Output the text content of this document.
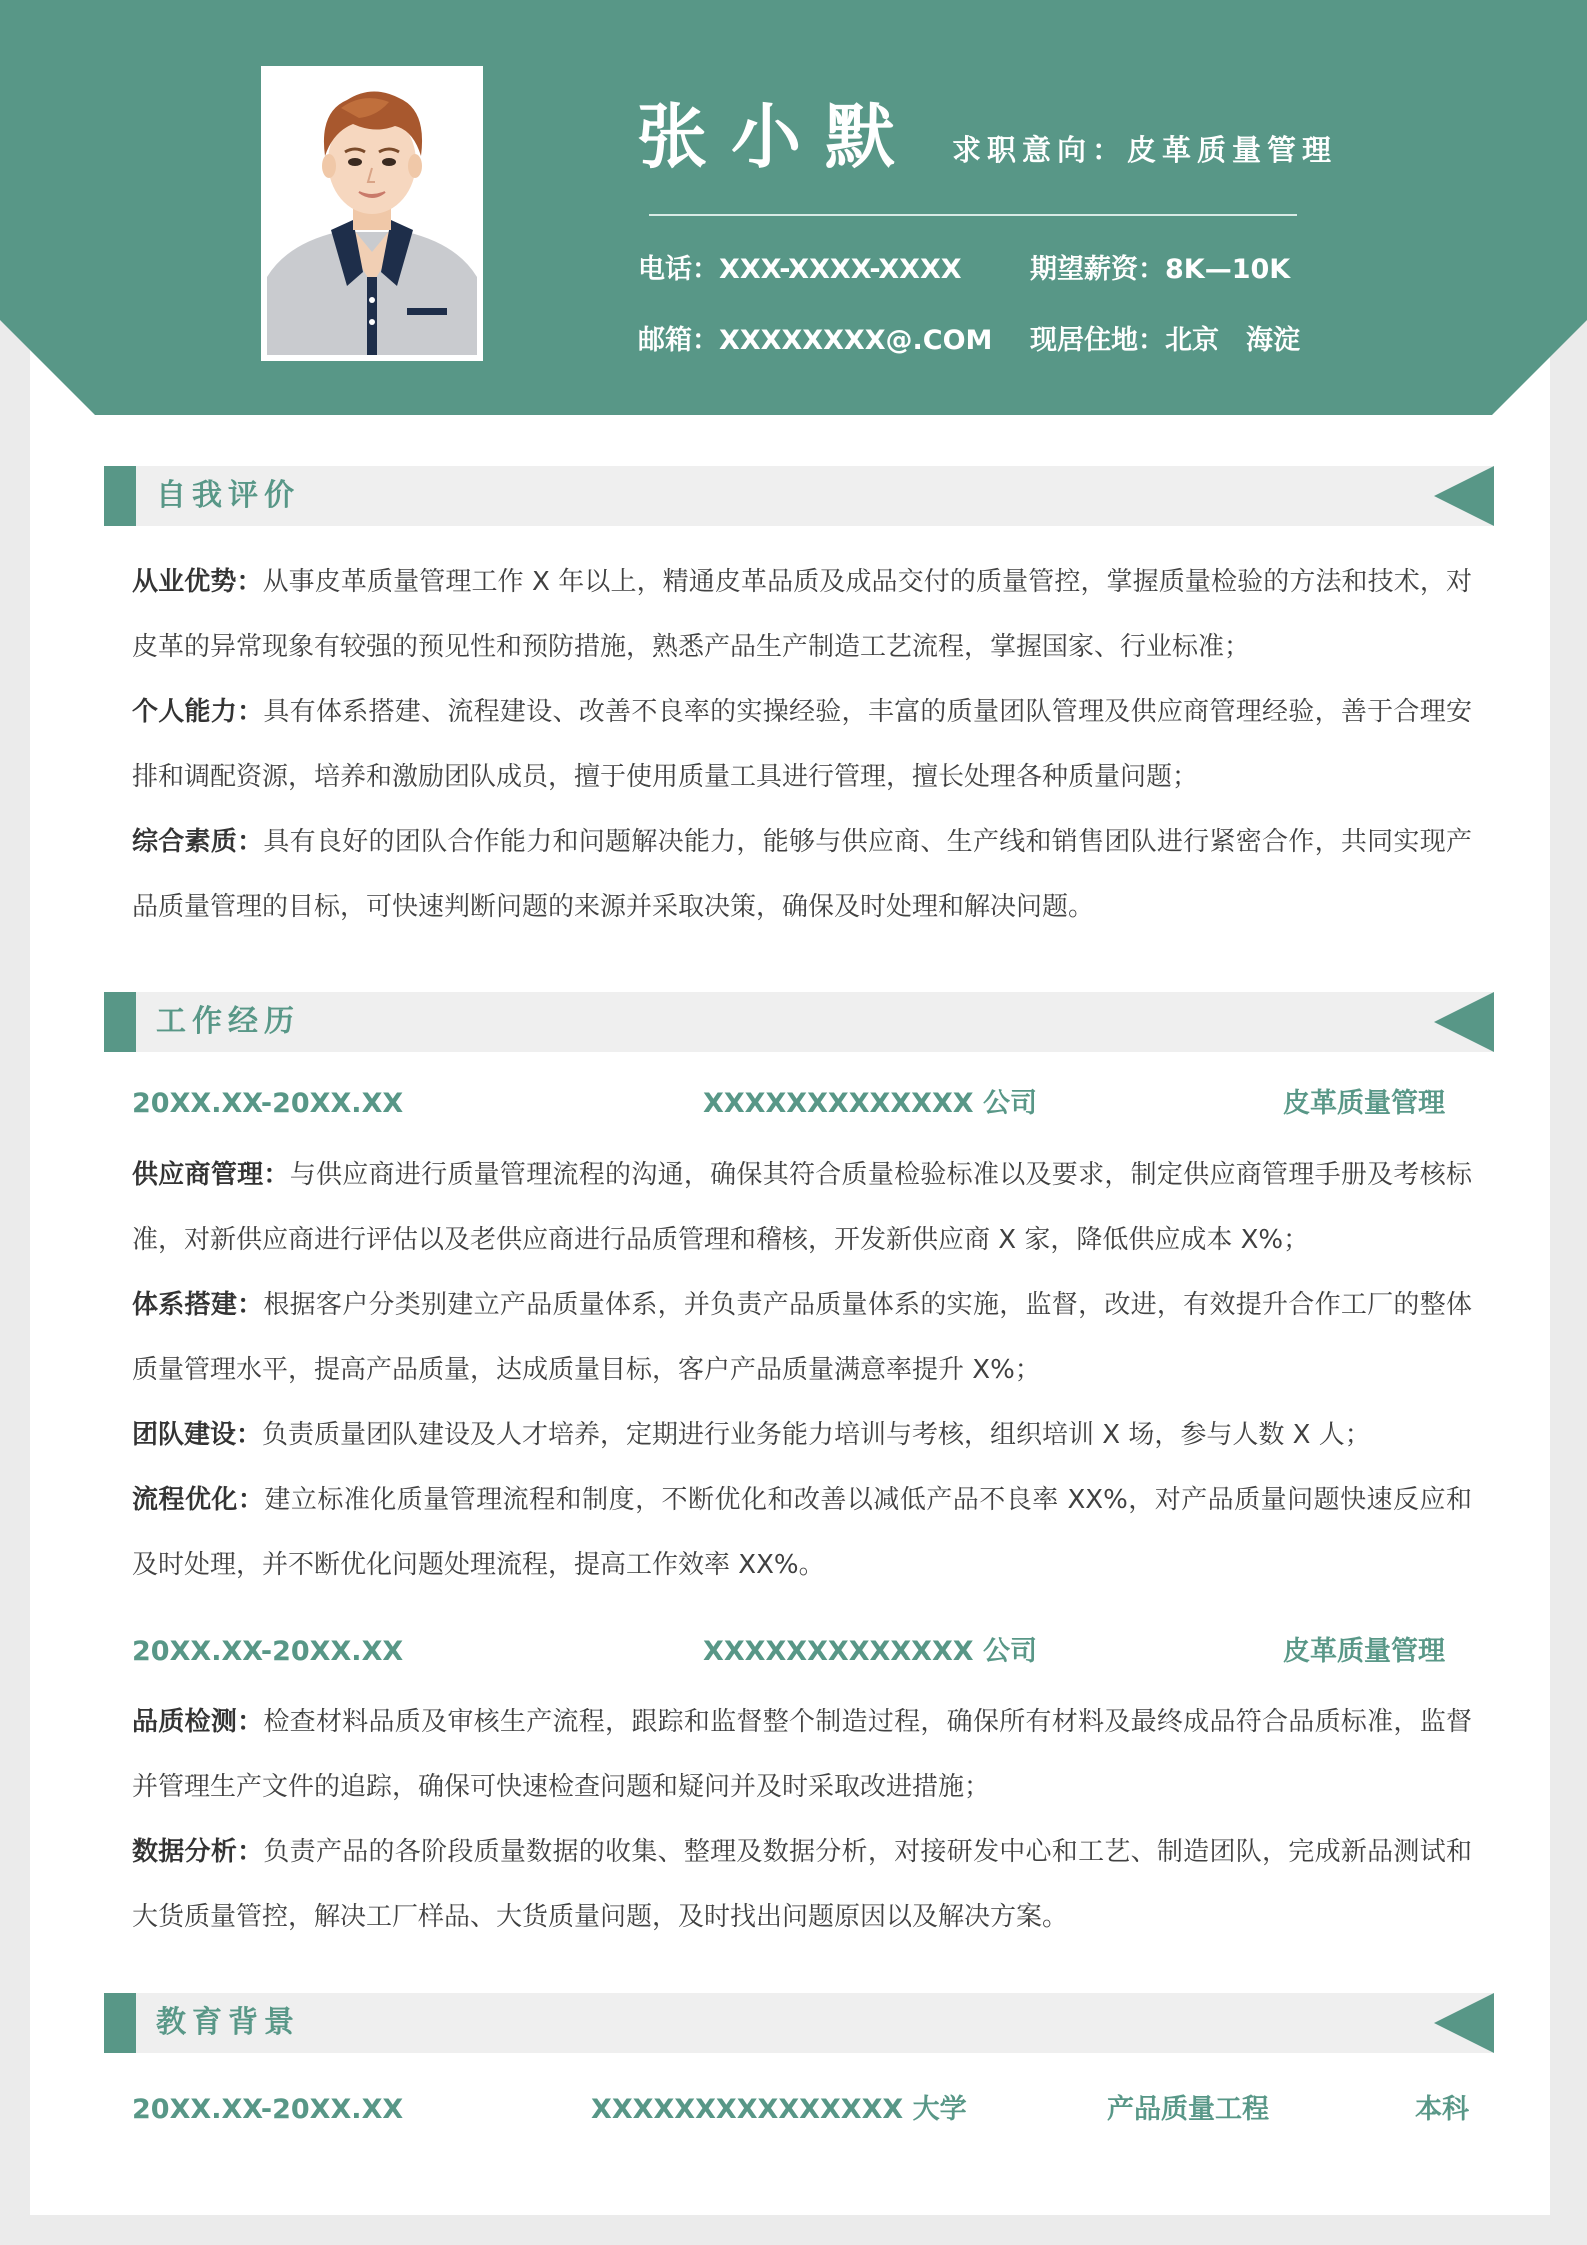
张小默 求职意向：皮革质量管理
电话：XXX-XXXX-XXXX	期望薪资：8K—10K
邮箱：XXXXXXXX@.COM 现居住地：北京　海淀
自我评价

从业优势：从事皮革质量管理工作 X 年以上，精通皮革品质及成品交付的质量管控，掌握质量检验的方法和技术，对皮革的异常现象有较强的预见性和预防措施，熟悉产品生产制造工艺流程，掌握国家、行业标准；

个人能力：具有体系搭建、流程建设、改善不良率的实操经验，丰富的质量团队管理及供应商管理经验，善于合理安排和调配资源，培养和激励团队成员，擅于使用质量工具进行管理，擅长处理各种质量问题；

综合素质：具有良好的团队合作能力和问题解决能力，能够与供应商、生产线和销售团队进行紧密合作，共同实现产品质量管理的目标，可快速判断问题的来源并采取决策，确保及时处理和解决问题。

工作经历
20XX.XX-20XX.XX	XXXXXXXXXXXXX 公司	皮革质量管理

供应商管理：与供应商进行质量管理流程的沟通，确保其符合质量检验标准以及要求，制定供应商管理手册及考核标准，对新供应商进行评估以及老供应商进行品质管理和稽核，开发新供应商 X 家，降低供应成本 X%；

体系搭建：根据客户分类别建立产品质量体系，并负责产品质量体系的实施，监督，改进，有效提升合作工厂的整体质量管理水平，提高产品质量，达成质量目标，客户产品质量满意率提升 X%；

团队建设：负责质量团队建设及人才培养，定期进行业务能力培训与考核，组织培训 X 场，参与人数 X 人；

流程优化：建立标准化质量管理流程和制度，不断优化和改善以减低产品不良率 XX%，对产品质量问题快速反应和及时处理，并不断优化问题处理流程，提高工作效率 XX%。

20XX.XX-20XX.XX	XXXXXXXXXXXXX 公司	皮革质量管理

品质检测：检查材料品质及审核生产流程，跟踪和监督整个制造过程，确保所有材料及最终成品符合品质标准，监督并管理生产文件的追踪，确保可快速检查问题和疑问并及时采取改进措施；

数据分析：负责产品的各阶段质量数据的收集、整理及数据分析，对接研发中心和工艺、制造团队，完成新品测试和大货质量管控，解决工厂样品、大货质量问题，及时找出问题原因以及解决方案。

教育背景
20XX.XX-20XX.XX	XXXXXXXXXXXXXXX 大学	产品质量工程	本科
